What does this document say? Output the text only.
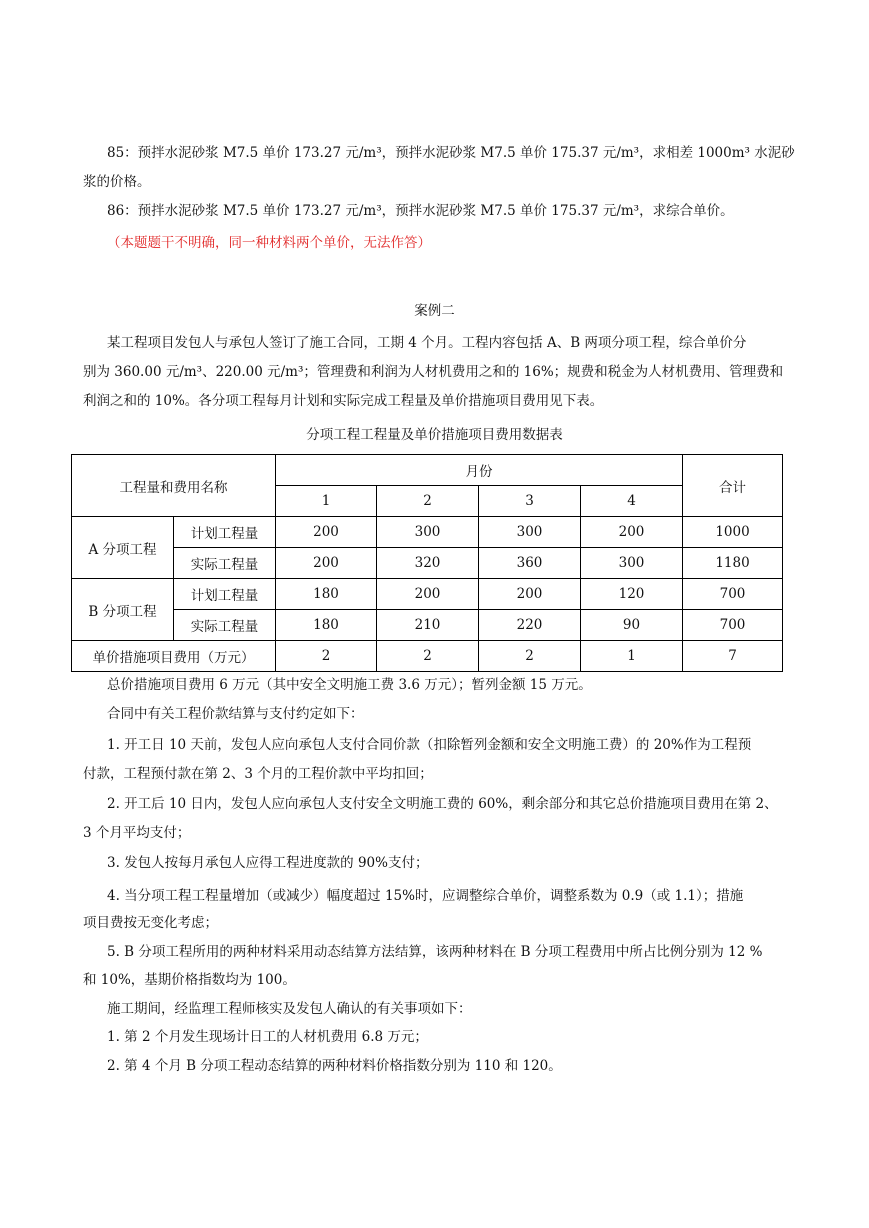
85：预拌水泥砂浆 M7.5 单价 173.27 元/m³，预拌水泥砂浆 M7.5 单价 175.37 元/m³，求相差 1000m³ 水泥砂
浆的价格。
86：预拌水泥砂浆 M7.5 单价 173.27 元/m³，预拌水泥砂浆 M7.5 单价 175.37 元/m³，求综合单价。
（本题题干不明确，同一种材料两个单价，无法作答）
案例二
某工程项目发包人与承包人签订了施工合同，工期 4 个月。工程内容包括 A、B 两项分项工程，综合单价分
别为 360.00 元/m³、220.00 元/m³；管理费和利润为人材机费用之和的 16%；规费和税金为人材机费用、管理费和
利润之和的 10%。各分项工程每月计划和实际完成工程量及单价措施项目费用见下表。
分项工程工程量及单价措施项目费用数据表
工程量和费用名称		月份				合计
		1	2	3	4	
A 分项工程	计划工程量	200	300	300	200	1000
	实际工程量	200	320	360	300	1180
B 分项工程	计划工程量	180	200	200	120	700
	实际工程量	180	210	220	90	700
单价措施项目费用（万元）		2	2	2	1	7
总价措施项目费用 6 万元（其中安全文明施工费 3.6 万元）；暂列金额 15 万元。
合同中有关工程价款结算与支付约定如下：
1. 开工日 10 天前，发包人应向承包人支付合同价款（扣除暂列金额和安全文明施工费）的 20%作为工程预
付款，工程预付款在第 2、3 个月的工程价款中平均扣回；
2. 开工后 10 日内，发包人应向承包人支付安全文明施工费的 60%，剩余部分和其它总价措施项目费用在第 2、
3 个月平均支付；
3. 发包人按每月承包人应得工程进度款的 90%支付；
4. 当分项工程工程量增加（或减少）幅度超过 15%时，应调整综合单价，调整系数为 0.9（或 1.1）；措施
项目费按无变化考虑；
5. B 分项工程所用的两种材料采用动态结算方法结算，该两种材料在 B 分项工程费用中所占比例分别为 12 %
和 10%，基期价格指数均为 100。
施工期间，经监理工程师核实及发包人确认的有关事项如下：
1. 第 2 个月发生现场计日工的人材机费用 6.8 万元；
2. 第 4 个月 B 分项工程动态结算的两种材料价格指数分别为 110 和 120。
